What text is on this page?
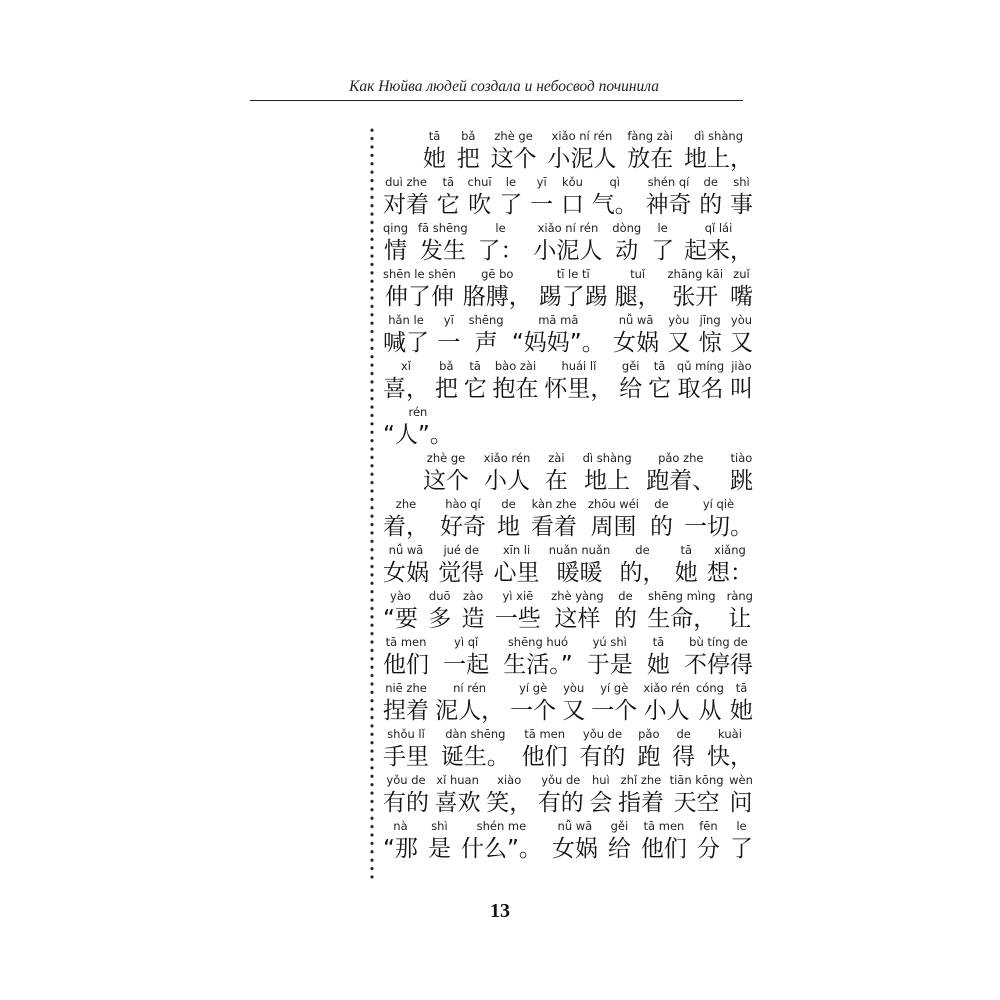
Как Нюйва людей создала и небосвод починила
tā
她
bǎ
把
zhè ge
这个
xiǎo ní rén
小泥人
fàng zài
放在
dì shàng
地上，
duì zhe
对着
tā
它
chuī
吹
le
了
yī
一
kǒu
口
qì
气。
shén qí
神奇
de
的
shì
事
qing
情
fā shēng
发生
le
了：
xiǎo ní rén
小泥人
dòng
动
le
了
qǐ lái
起来，
shēn le shēn
伸了伸
gē bo
胳膊，
tī le tī
踢了踢
tuǐ
腿，
zhāng kāi
张开
zuǐ
嘴
hǎn le
喊了
yī
一
shēng
声
mā mā
“妈妈”。
nǚ wā
女娲
yòu
又
jīng
惊
yòu
又
xǐ
喜，
bǎ
把
tā
它
bào zài
抱在
huái lǐ
怀里，
gěi
给
tā
它
qǔ míng
取名
jiào
叫
rén
“人”。
zhè ge
这个
xiǎo rén
小人
zài
在
dì shàng
地上
pǎo zhe
跑着、
tiào
跳
zhe
着，
hào qí
好奇
de
地
kàn zhe
看着
zhōu wéi
周围
de
的
yí qiè
一切。
nǚ wā
女娲
jué de
觉得
xīn li
心里
nuǎn nuǎn
暖暖
de
的，
tā
她
xiǎng
想：
yào
“要
duō
多
zào
造
yì xiē
一些
zhè yàng
这样
de
的
shēng mìng
生命，
ràng
让
tā men
他们
yì qǐ
一起
shēng huó
生活。”
yú shì
于是
tā
她
bù tíng de
不停得
niē zhe
捏着
ní rén
泥人，
yí gè
一个
yòu
又
yí gè
一个
xiǎo rén
小人
cóng
从
tā
她
shǒu lǐ
手里
dàn shēng
诞生。
tā men
他们
yǒu de
有的
pǎo
跑
de
得
kuài
快，
yǒu de
有的
xǐ huan
喜欢
xiào
笑，
yǒu de
有的
huì
会
zhǐ zhe
指着
tiān kōng
天空
wèn
问
nà
“那
shì
是
shén me
什么”。
nǚ wā
女娲
gěi
给
tā men
他们
fēn
分
le
了
13
